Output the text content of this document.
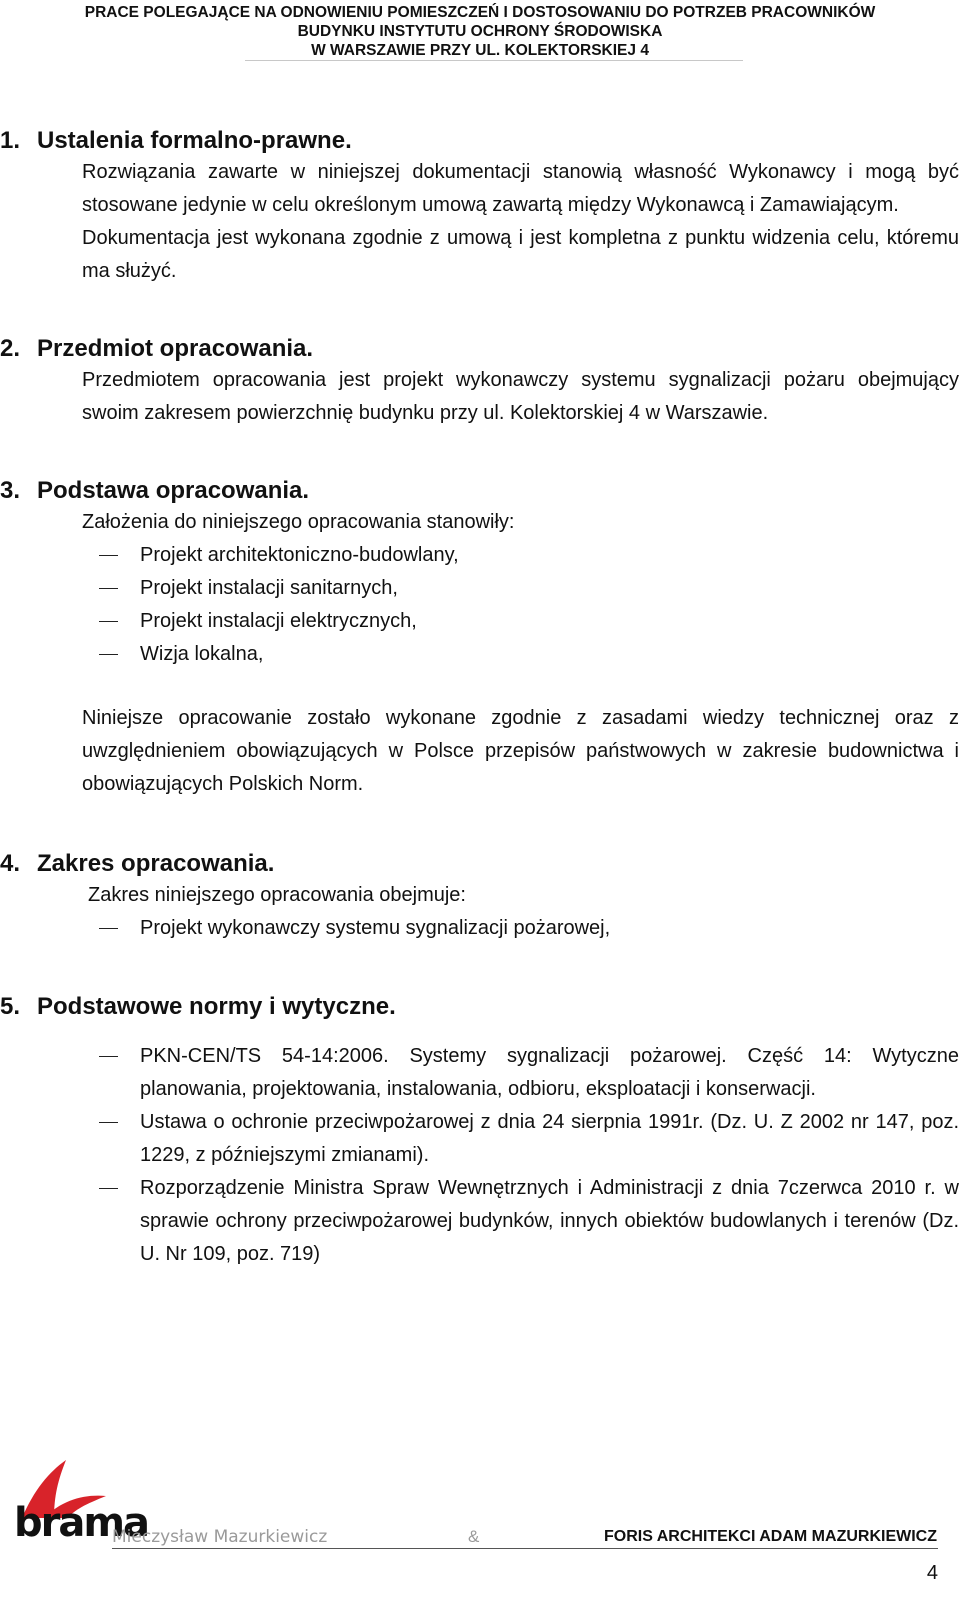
PRACE POLEGAJĄCE NA ODNOWIENIU POMIESZCZEŃ I DOSTOSOWANIU DO POTRZEB PRACOWNIKÓW
BUDYNKU INSTYTUTU OCHRONY ŚRODOWISKA
W WARSZAWIE PRZY UL. KOLEKTORSKIEJ 4
1. Ustalenia formalno-prawne.
Rozwiązania zawarte w niniejszej dokumentacji stanowią własność Wykonawcy i mogą być stosowane jedynie w celu określonym umową zawartą między Wykonawcą i Zamawiającym.
Dokumentacja jest wykonana zgodnie z umową i jest kompletna z punktu widzenia celu, któremu ma służyć.
2. Przedmiot opracowania.
Przedmiotem opracowania jest projekt wykonawczy systemu sygnalizacji pożaru obejmujący swoim zakresem powierzchnię budynku przy ul. Kolektorskiej 4 w Warszawie.
3. Podstawa opracowania.
Założenia do niniejszego opracowania stanowiły:
Projekt architektoniczno-budowlany,
Projekt instalacji sanitarnych,
Projekt instalacji elektrycznych,
Wizja lokalna,
Niniejsze opracowanie zostało wykonane zgodnie z zasadami wiedzy technicznej oraz z uwzględnieniem obowiązujących w Polsce przepisów państwowych w zakresie budownictwa i obowiązujących Polskich Norm.
4. Zakres opracowania.
Zakres niniejszego opracowania obejmuje:
Projekt wykonawczy systemu sygnalizacji pożarowej,
5. Podstawowe normy i wytyczne.
PKN-CEN/TS 54-14:2006. Systemy sygnalizacji pożarowej. Część 14: Wytyczne planowania, projektowania, instalowania, odbioru, eksploatacji i konserwacji.
Ustawa o ochronie przeciwpożarowej z dnia 24 sierpnia 1991r. (Dz. U. Z 2002 nr 147, poz. 1229, z późniejszymi zmianami).
Rozporządzenie Ministra Spraw Wewnętrznych i Administracji z dnia 7czerwca 2010 r. w sprawie ochrony przeciwpożarowej budynków, innych obiektów budowlanych i terenów (Dz. U. Nr 109, poz. 719)
brama
Mieczysław Mazurkiewicz	&	FORIS ARCHITEKCI ADAM MAZURKIEWICZ
4
